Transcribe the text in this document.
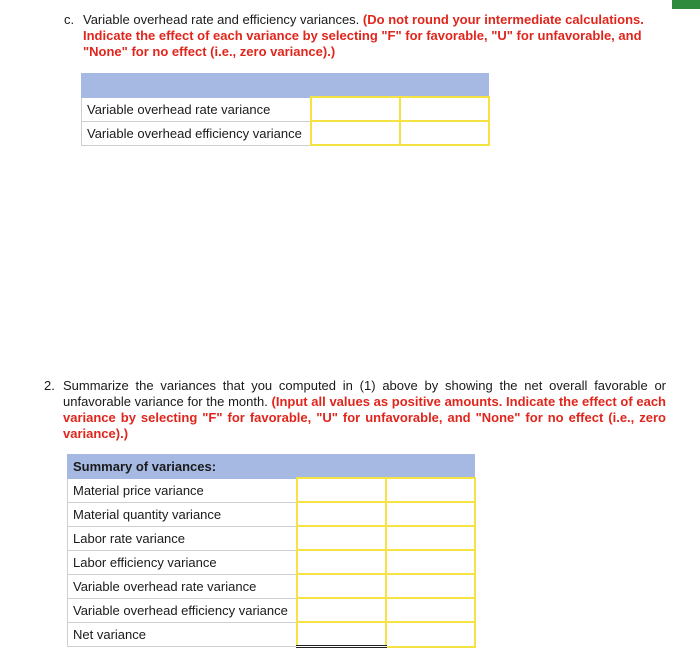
c. Variable overhead rate and efficiency variances. (Do not round your intermediate calculations. Indicate the effect of each variance by selecting "F" for favorable, "U" for unfavorable, and "None" for no effect (i.e., zero variance).)

Variable overhead rate variance		
Variable overhead efficiency variance		
2. Summarize the variances that you computed in (1) above by showing the net overall favorable or unfavorable variance for the month. (Input all values as positive amounts. Indicate the effect of each variance by selecting "F" for favorable, "U" for unfavorable, and "None" for no effect (i.e., zero variance).)
Summary of variances:		
Material price variance		
Material quantity variance		
Labor rate variance		
Labor efficiency variance		
Variable overhead rate variance		
Variable overhead efficiency variance		
Net variance		
